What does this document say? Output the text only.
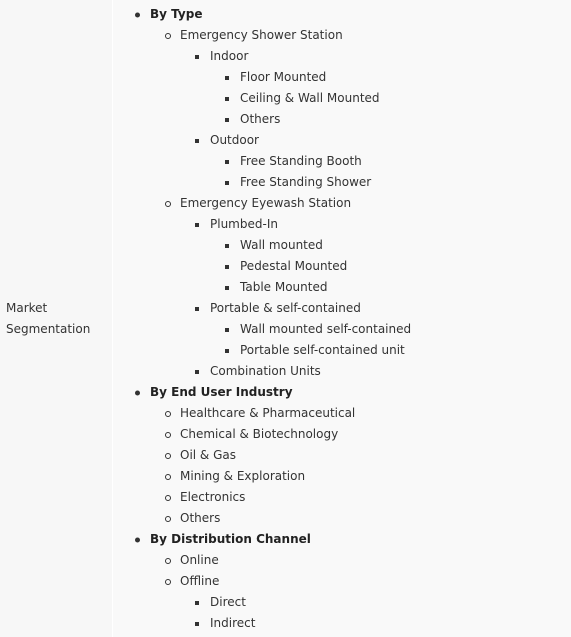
Market
Segmentation
By Type
Emergency Shower Station
Indoor
Floor Mounted
Ceiling & Wall Mounted
Others
Outdoor
Free Standing Booth
Free Standing Shower
Emergency Eyewash Station
Plumbed-In
Wall mounted
Pedestal Mounted
Table Mounted
Portable & self-contained
Wall mounted self-contained
Portable self-contained unit
Combination Units
By End User Industry
Healthcare & Pharmaceutical
Chemical & Biotechnology
Oil & Gas
Mining & Exploration
Electronics
Others
By Distribution Channel
Online
Offline
Direct
Indirect
